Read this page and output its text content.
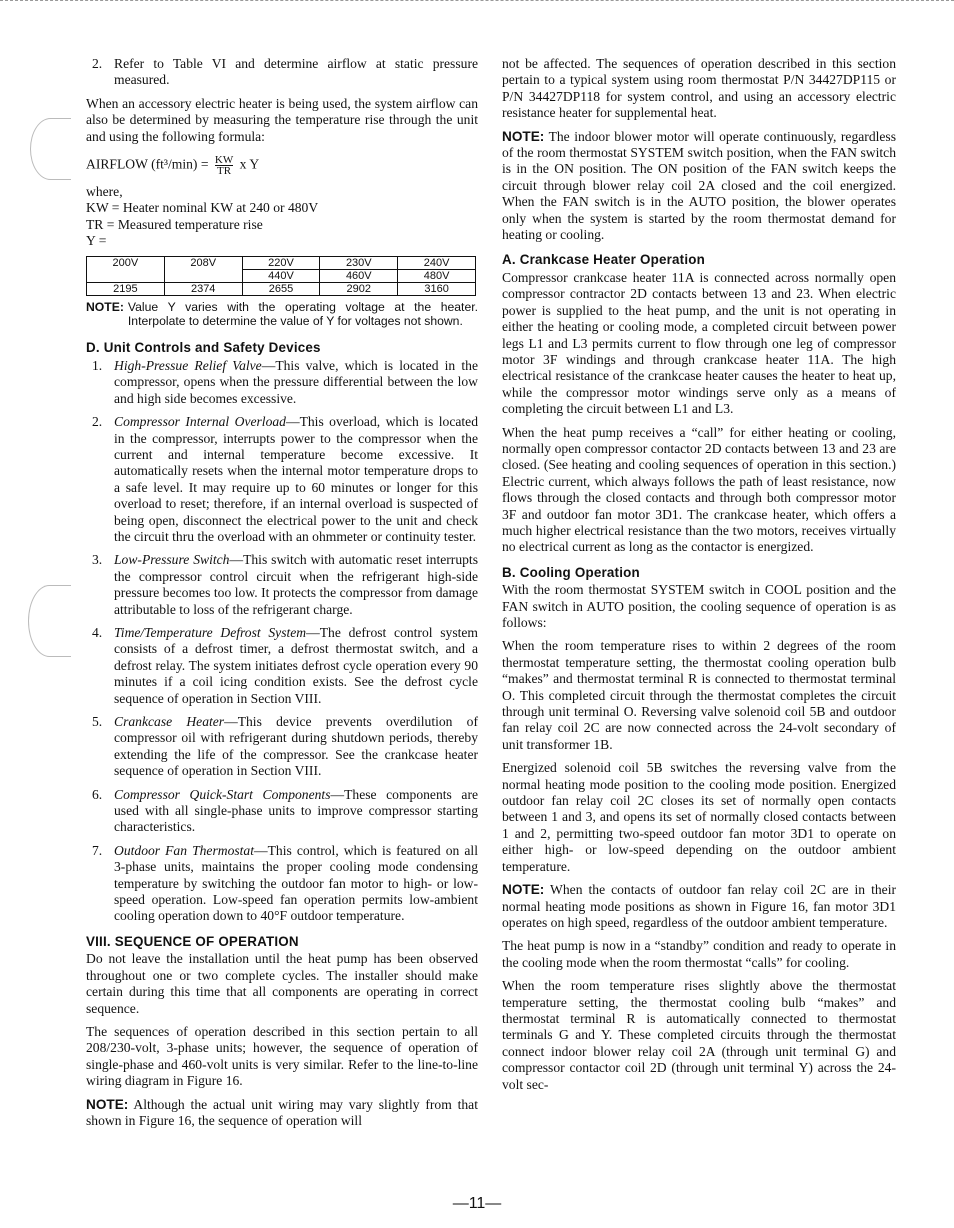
2. Refer to Table VI and determine airflow at static pressure measured.

When an accessory electric heater is being used, the system airflow can also be determined by measuring the temperature rise through the unit and using the following formula:

AIRFLOW $(ft^3/\min) = \frac{KW}{TR}$ x Y
where,
KW = Heater nominal KW at 240 or 480V
TR = Measured temperature rise
Y =
200V	208V	220V	230V	240V
		440V	460V	480V
2195	2374	2655	2902	3160
NOTE: Value Y varies with the operating voltage at the heater. Interpolate to determine the value of Y for voltages not shown.
D. Unit Controls and Safety Devices
1. High-Pressue Relief Valve—This valve, which is located in the compressor, opens when the pressure differential between the low and high side becomes excessive.
2. Compressor Internal Overload—This overload, which is located in the compressor, interrupts power to the compressor when the current and internal temperature become excessive. It automatically resets when the internal motor temperature drops to a safe level. It may require up to 60 minutes or longer for this overload to reset; therefore, if an internal overload is suspected of being open, disconnect the electrical power to the unit and check the circuit thru the overload with an ohmmeter or continuity tester.
3. Low-Pressure Switch—This switch with automatic reset interrupts the compressor control circuit when the refrigerant high-side pressure becomes too low. It protects the compressor from damage attributable to loss of the refrigerant charge.
4. Time/Temperature Defrost System—The defrost control system consists of a defrost timer, a defrost thermostat switch, and a defrost relay. The system initiates defrost cycle operation every 90 minutes if a coil icing condition exists. See the defrost cycle sequence of operation in Section VIII.
5. Crankcase Heater—This device prevents overdilution of compressor oil with refrigerant during shutdown periods, thereby extending the life of the compressor. See the crankcase heater sequence of operation in Section VIII.
6. Compressor Quick-Start Components—These components are used with all single-phase units to improve compressor starting characteristics.
7. Outdoor Fan Thermostat—This control, which is featured on all 3-phase units, maintains the proper cooling mode condensing temperature by switching the outdoor fan motor to high- or low-speed operation. Low-speed fan operation permits low-ambient cooling operation down to 40°F outdoor temperature.
VIII. SEQUENCE OF OPERATION

Do not leave the installation until the heat pump has been observed throughout one or two complete cycles. The installer should make certain during this time that all components are operating in correct sequence.

The sequences of operation described in this section pertain to all 208/230-volt, 3-phase units; however, the sequence of operation of single-phase and 460-volt units is very similar. Refer to the line-to-line wiring diagram in Figure 16.

NOTE: Although the actual unit wiring may vary slightly from that shown in Figure 16, the sequence of operation will

not be affected. The sequences of operation described in this section pertain to a typical system using room thermostat P/N 34427DP115 or P/N 34427DP118 for system control, and using an accessory electric resistance heater for supplemental heat.

NOTE: The indoor blower motor will operate continuously, regardless of the room thermostat SYSTEM switch position, when the FAN switch is in the ON position. The ON position of the FAN switch keeps the circuit through blower relay coil 2A closed and the coil energized. When the FAN switch is in the AUTO position, the blower operates only when the system is started by the room thermostat demand for heating or cooling.

A. Crankcase Heater Operation

Compressor crankcase heater 11A is connected across normally open compressor contractor 2D contacts between 13 and 23. When electric power is supplied to the heat pump, and the unit is not operating in either the heating or cooling mode, a completed circuit between power legs L1 and L3 permits current to flow through one leg of compressor motor 3F windings and through crankcase heater 11A. The high electrical resistance of the crankcase heater causes the heater to heat up, while the compressor motor windings serve only as a means of completing the circuit between L1 and L3.

When the heat pump receives a “call” for either heating or cooling, normally open compressor contactor 2D contacts between 13 and 23 are closed. (See heating and cooling sequences of operation in this section.) Electric current, which always follows the path of least resistance, now flows through the closed contacts and through both compressor motor 3F and outdoor fan motor 3D1. The crankcase heater, which offers a much higher electrical resistance than the two motors, receives virtually no electrical current as long as the contactor is energized.

B. Cooling Operation

With the room thermostat SYSTEM switch in COOL position and the FAN switch in AUTO position, the cooling sequence of operation is as follows:

When the room temperature rises to within 2 degrees of the room thermostat temperature setting, the thermostat cooling operation bulb “makes” and thermostat terminal R is connected to thermostat terminal O. This completed circuit through the thermostat completes the circuit through unit terminal O. Reversing valve solenoid coil 5B and outdoor fan relay coil 2C are now connected across the 24-volt secondary of unit transformer 1B.

Energized solenoid coil 5B switches the reversing valve from the normal heating mode position to the cooling mode position. Energized outdoor fan relay coil 2C closes its set of normally open contacts between 1 and 3, and opens its set of normally closed contacts between 1 and 2, permitting two-speed outdoor fan motor 3D1 to operate on either high- or low-speed depending on the outdoor ambient temperature.

NOTE: When the contacts of outdoor fan relay coil 2C are in their normal heating mode positions as shown in Figure 16, fan motor 3D1 operates on high speed, regardless of the outdoor ambient temperature.

The heat pump is now in a “standby” condition and ready to operate in the cooling mode when the room thermostat “calls” for cooling.

When the room temperature rises slightly above the thermostat temperature setting, the thermostat cooling bulb “makes” and thermostat terminal R is automatically connected to thermostat terminals G and Y. These completed circuits through the thermostat connect indoor blower relay coil 2A (through unit terminal G) and compressor contactor coil 2D (through unit terminal Y) across the 24-volt sec-

—11—
